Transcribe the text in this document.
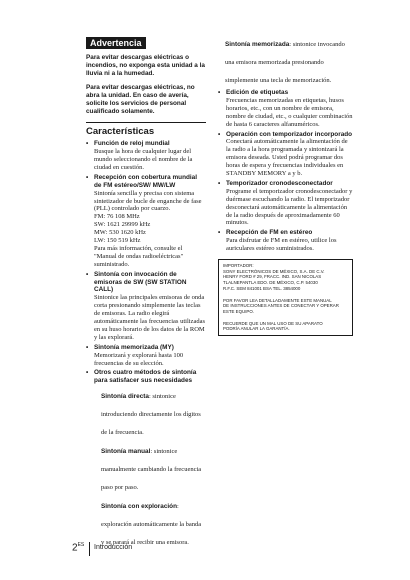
Advertencia

Para evitar descargas eléctricas o incendios, no exponga esta unidad a la lluvia ni a la humedad.

Para evitar descargas eléctricas, no abra la unidad. En caso de avería, solicite los servicios de personal cualificado solamente.

Características
• Función de reloj mundial
Busque la hora de cualquier lugar del mundo seleccionando el nombre de la ciudad en cuestión.
• Recepción con cobertura mundial de FM estéreo/SW/ MW/LW
Sintonía sencilla y precisa con sistema sintetizador de bucle de enganche de fase (PLL) controlado por cuarzo.
FM: 76 108 MHz
SW: 1621 29999 kHz
MW: 530 1620 kHz
LW: 150 519 kHz
Para más información, consulte el "Manual de ondas radioeléctricas" suministrado.
• Sintonía con invocación de emisoras de SW (SW STATION CALL)
Sintonice las principales emisoras de onda corta presionando simplemente las teclas de emisoras. La radio elegirá automáticamente las frecuencias utilizadas en su huso horario de los datos de la ROM y las explorará.
• Sintonía memorizada (MY)
Memorizará y explorará hasta 100 frecuencias de su elección.
• Otros cuatro métodos de sintonía para satisfacer sus necesidades
Sintonía directa: sintonice introduciendo directamente los dígitos de la frecuencia.
Sintonía manual: sintonice manualmente cambiando la frecuencia paso por paso.
Sintonía con exploración: exploración automáticamente la banda y se parará al recibir una emisora.
Sintonía memorizada: sintonice invocando una emisora memorizada presionando simplemente una tecla de memorización.
• Edición de etiquetas
Frecuencias memorizadas en etiquetas, husos horarios, etc., con un nombre de emisora, nombre de ciudad, etc., o cualquier combinación de hasta 6 caracteres alfanuméricos.
• Operación con temporizador incorporado
Conectará automáticamente la alimentación de la radio a la hora programada y sintonizará la emisora deseada. Usted podrá programar dos horas de espera y frecuencias individuales en STANDBY MEMORY a y b.
• Temporizador cronodesconectador
Programe el temporizador cronodesconectador y duérmase escuchando la radio. El temporizador desconectará automáticamente la alimentación de la radio después de aproximadamente 60 minutos.
• Recepción de FM en estéreo
Para disfrutar de FM en estéreo, utilice los auriculares estéreo suministrados.
IMPORTADOR:
SONY ELECTRÓNICOS DE MÉXICO, S.A. DE C.V.
HENRY FORD # 29, FRACC. IND. SAN NICOLAS
TLALNEPANTLA EDO. DE MÉXICO, C.P. 54030
R.F.C. SEM 841001 BSA TEL. 3854000
POR FAVOR LEA DETALLADAMENTE ESTE MANUAL
DE INSTRUCCIONES ANTES DE CONECTAR Y OPERAR
ESTE EQUIPO.
RECUERDE QUE UN MAL USO DE SU APARATO
PODRÍA ANULAR LA GARANTÍA.
$2^{ES}$ Introducción
